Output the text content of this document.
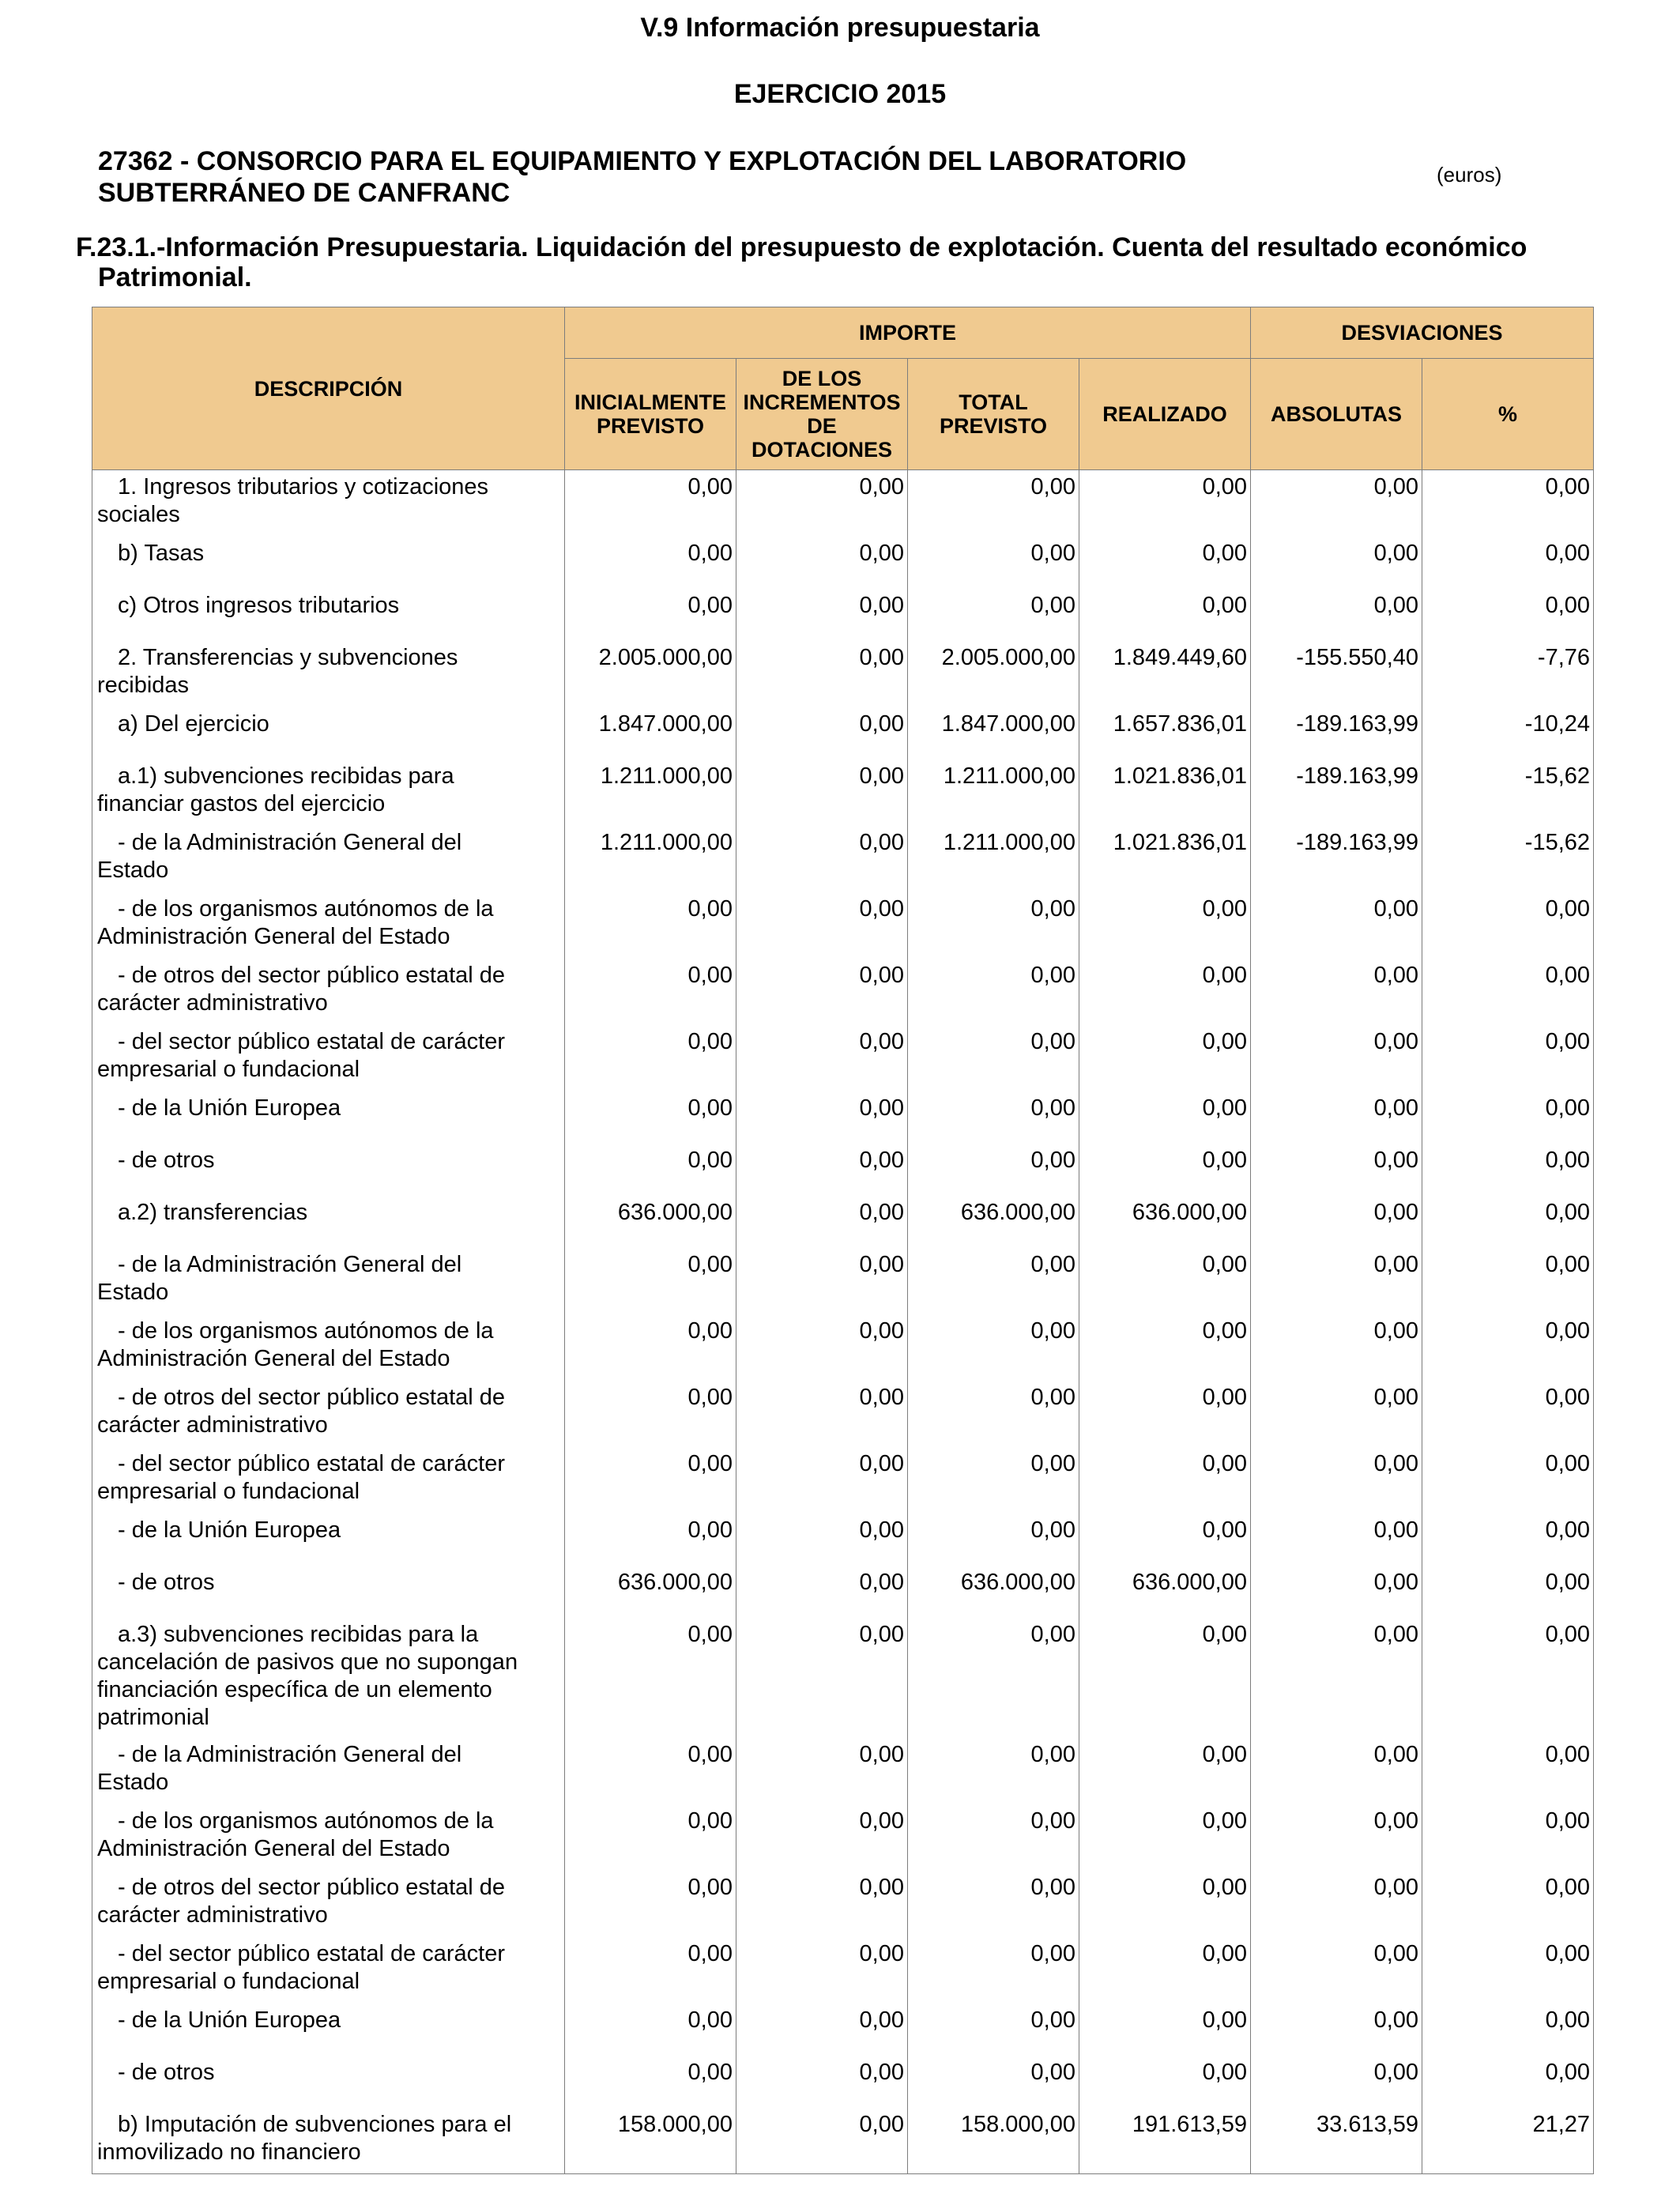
V.9 Información presupuestaria
EJERCICIO 2015
27362 - CONSORCIO PARA EL EQUIPAMIENTO Y EXPLOTACIÓN DEL LABORATORIO
SUBTERRÁNEO DE CANFRANC
(euros)
F.23.1.-Información Presupuestaria. Liquidación del presupuesto de explotación. Cuenta del resultado económico
Patrimonial.
DESCRIPCIÓN	IMPORTE				DESVIACIONES	
	INICIALMENTE PREVISTO	DE LOS INCREMENTOS DE DOTACIONES	TOTAL PREVISTO	REALIZADO	ABSOLUTAS	%

1. Ingresos tributarios y cotizaciones
sociales	0,00	0,00	0,00	0,00	0,00	0,00

b) Tasas	0,00	0,00	0,00	0,00	0,00	0,00

c) Otros ingresos tributarios	0,00	0,00	0,00	0,00	0,00	0,00

2. Transferencias y subvenciones
recibidas	2.005.000,00	0,00	2.005.000,00	1.849.449,60	-155.550,40	-7,76

a) Del ejercicio	1.847.000,00	0,00	1.847.000,00	1.657.836,01	-189.163,99	-10,24

a.1) subvenciones recibidas para
financiar gastos del ejercicio	1.211.000,00	0,00	1.211.000,00	1.021.836,01	-189.163,99	-15,62

- de la Administración General del
Estado	1.211.000,00	0,00	1.211.000,00	1.021.836,01	-189.163,99	-15,62

- de los organismos autónomos de la
Administración General del Estado	0,00	0,00	0,00	0,00	0,00	0,00

- de otros del sector público estatal de
carácter administrativo	0,00	0,00	0,00	0,00	0,00	0,00

- del sector público estatal de carácter
empresarial o fundacional	0,00	0,00	0,00	0,00	0,00	0,00

- de la Unión Europea	0,00	0,00	0,00	0,00	0,00	0,00

- de otros	0,00	0,00	0,00	0,00	0,00	0,00

a.2) transferencias	636.000,00	0,00	636.000,00	636.000,00	0,00	0,00

- de la Administración General del
Estado	0,00	0,00	0,00	0,00	0,00	0,00

- de los organismos autónomos de la
Administración General del Estado	0,00	0,00	0,00	0,00	0,00	0,00

- de otros del sector público estatal de
carácter administrativo	0,00	0,00	0,00	0,00	0,00	0,00

- del sector público estatal de carácter
empresarial o fundacional	0,00	0,00	0,00	0,00	0,00	0,00

- de la Unión Europea	0,00	0,00	0,00	0,00	0,00	0,00

- de otros	636.000,00	0,00	636.000,00	636.000,00	0,00	0,00

a.3) subvenciones recibidas para la
cancelación de pasivos que no supongan financiación específica de un elemento patrimonial	0,00	0,00	0,00	0,00	0,00	0,00

- de la Administración General del
Estado	0,00	0,00	0,00	0,00	0,00	0,00

- de los organismos autónomos de la
Administración General del Estado	0,00	0,00	0,00	0,00	0,00	0,00

- de otros del sector público estatal de
carácter administrativo	0,00	0,00	0,00	0,00	0,00	0,00

- del sector público estatal de carácter
empresarial o fundacional	0,00	0,00	0,00	0,00	0,00	0,00

- de la Unión Europea	0,00	0,00	0,00	0,00	0,00	0,00

- de otros	0,00	0,00	0,00	0,00	0,00	0,00

b) Imputación de subvenciones para el
inmovilizado no financiero	158.000,00	0,00	158.000,00	191.613,59	33.613,59	21,27
